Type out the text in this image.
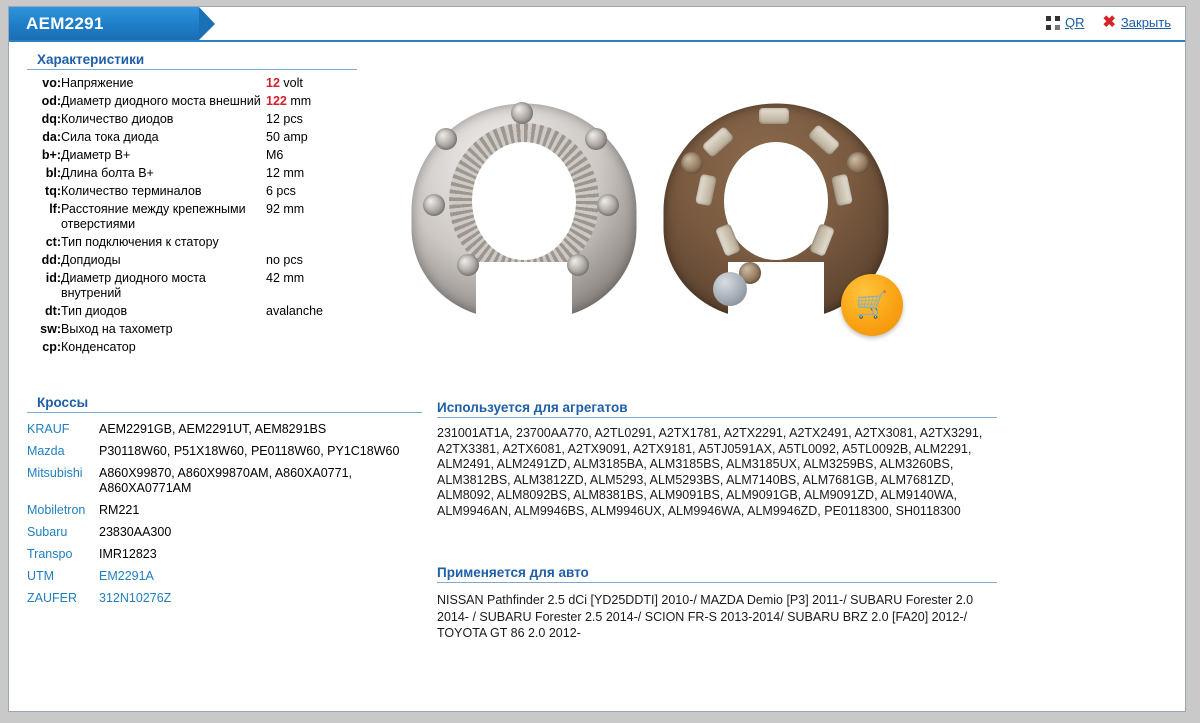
AEM2291	QR ✖ Закрыть
Характеристики
vo:	Напряжение	12 volt
od:	Диаметр диодного моста внешний	122 mm
dq:	Количество диодов	12 pcs
da:	Сила тока диода	50 amp
b+:	Диаметр B+	M6
bl:	Длина болта B+	12 mm
tq:	Количество терминалов	6 pcs
lf:	Расстояние между крепежными отверстиями	92 mm
ct:	Тип подключения к статору	
dd:	Допдиоды	no pcs
id:	Диаметр диодного моста внутрений	42 mm
dt:	Тип диодов	avalanche
sw:	Выход на тахометр	
cp:	Конденсатор	
🛒
Кроссы
KRAUF	AEM2291GB, AEM2291UT, AEM8291BS
Mazda	P30118W60, P51X18W60, PE0118W60, PY1C18W60
Mitsubishi	A860X99870, A860X99870AM, A860XA0771, A860XA0771AM
Mobiletron	RM221
Subaru	23830AA300
Transpo	IMR12823
UTM	EM2291A
ZAUFER	312N10276Z
Используется для агрегатов
231001AT1A, 23700AA770, A2TL0291, A2TX1781, A2TX2291, A2TX2491, A2TX3081, A2TX3291, A2TX3381, A2TX6081, A2TX9091, A2TX9181, A5TJ0591AX, A5TL0092, A5TL0092B, ALM2291, ALM2491, ALM2491ZD, ALM3185BA, ALM3185BS, ALM3185UX, ALM3259BS, ALM3260BS, ALM3812BS, ALM3812ZD, ALM5293, ALM5293BS, ALM7140BS, ALM7681GB, ALM7681ZD, ALM8092, ALM8092BS, ALM8381BS, ALM9091BS, ALM9091GB, ALM9091ZD, ALM9140WA, ALM9946AN, ALM9946BS, ALM9946UX, ALM9946WA, ALM9946ZD, PE0118300, SH0118300
Применяется для авто
NISSAN Pathfinder 2.5 dCi [YD25DDTI] 2010-/ MAZDA Demio [P3] 2011-/ SUBARU Forester 2.0 2014- / SUBARU Forester 2.5 2014-/ SCION FR-S 2013-2014/ SUBARU BRZ 2.0 [FA20] 2012-/ TOYOTA GT 86 2.0 2012-
